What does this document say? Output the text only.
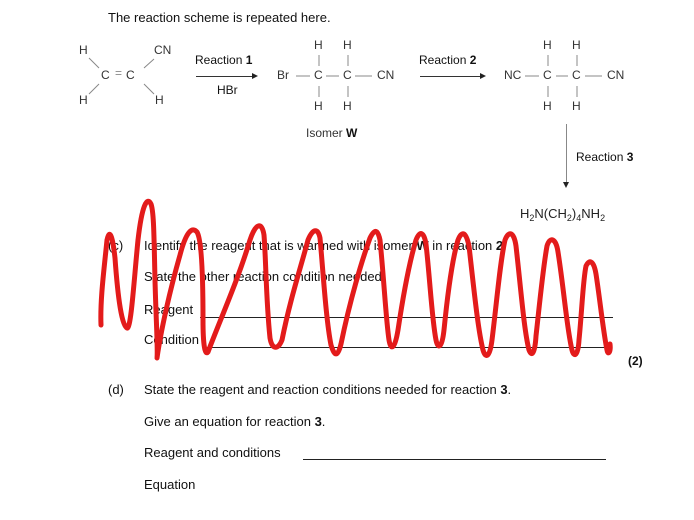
The reaction scheme is repeated here.
H
H
C = C
CN
H
Reaction 1
HBr
Br C C CN
H H
H H
Isomer W
Reaction 2
NC C C CN
H H
H H
Reaction 3
$H_2N(CH_2)_4NH_2$
(c) Identify the reagent that is warmed with isomer W in reaction 2.
State the other reaction condition needed.
Reagent
Condition
(2)
(d) State the reagent and reaction conditions needed for reaction 3.
Give an equation for reaction 3.
Reagent and conditions
Equation
